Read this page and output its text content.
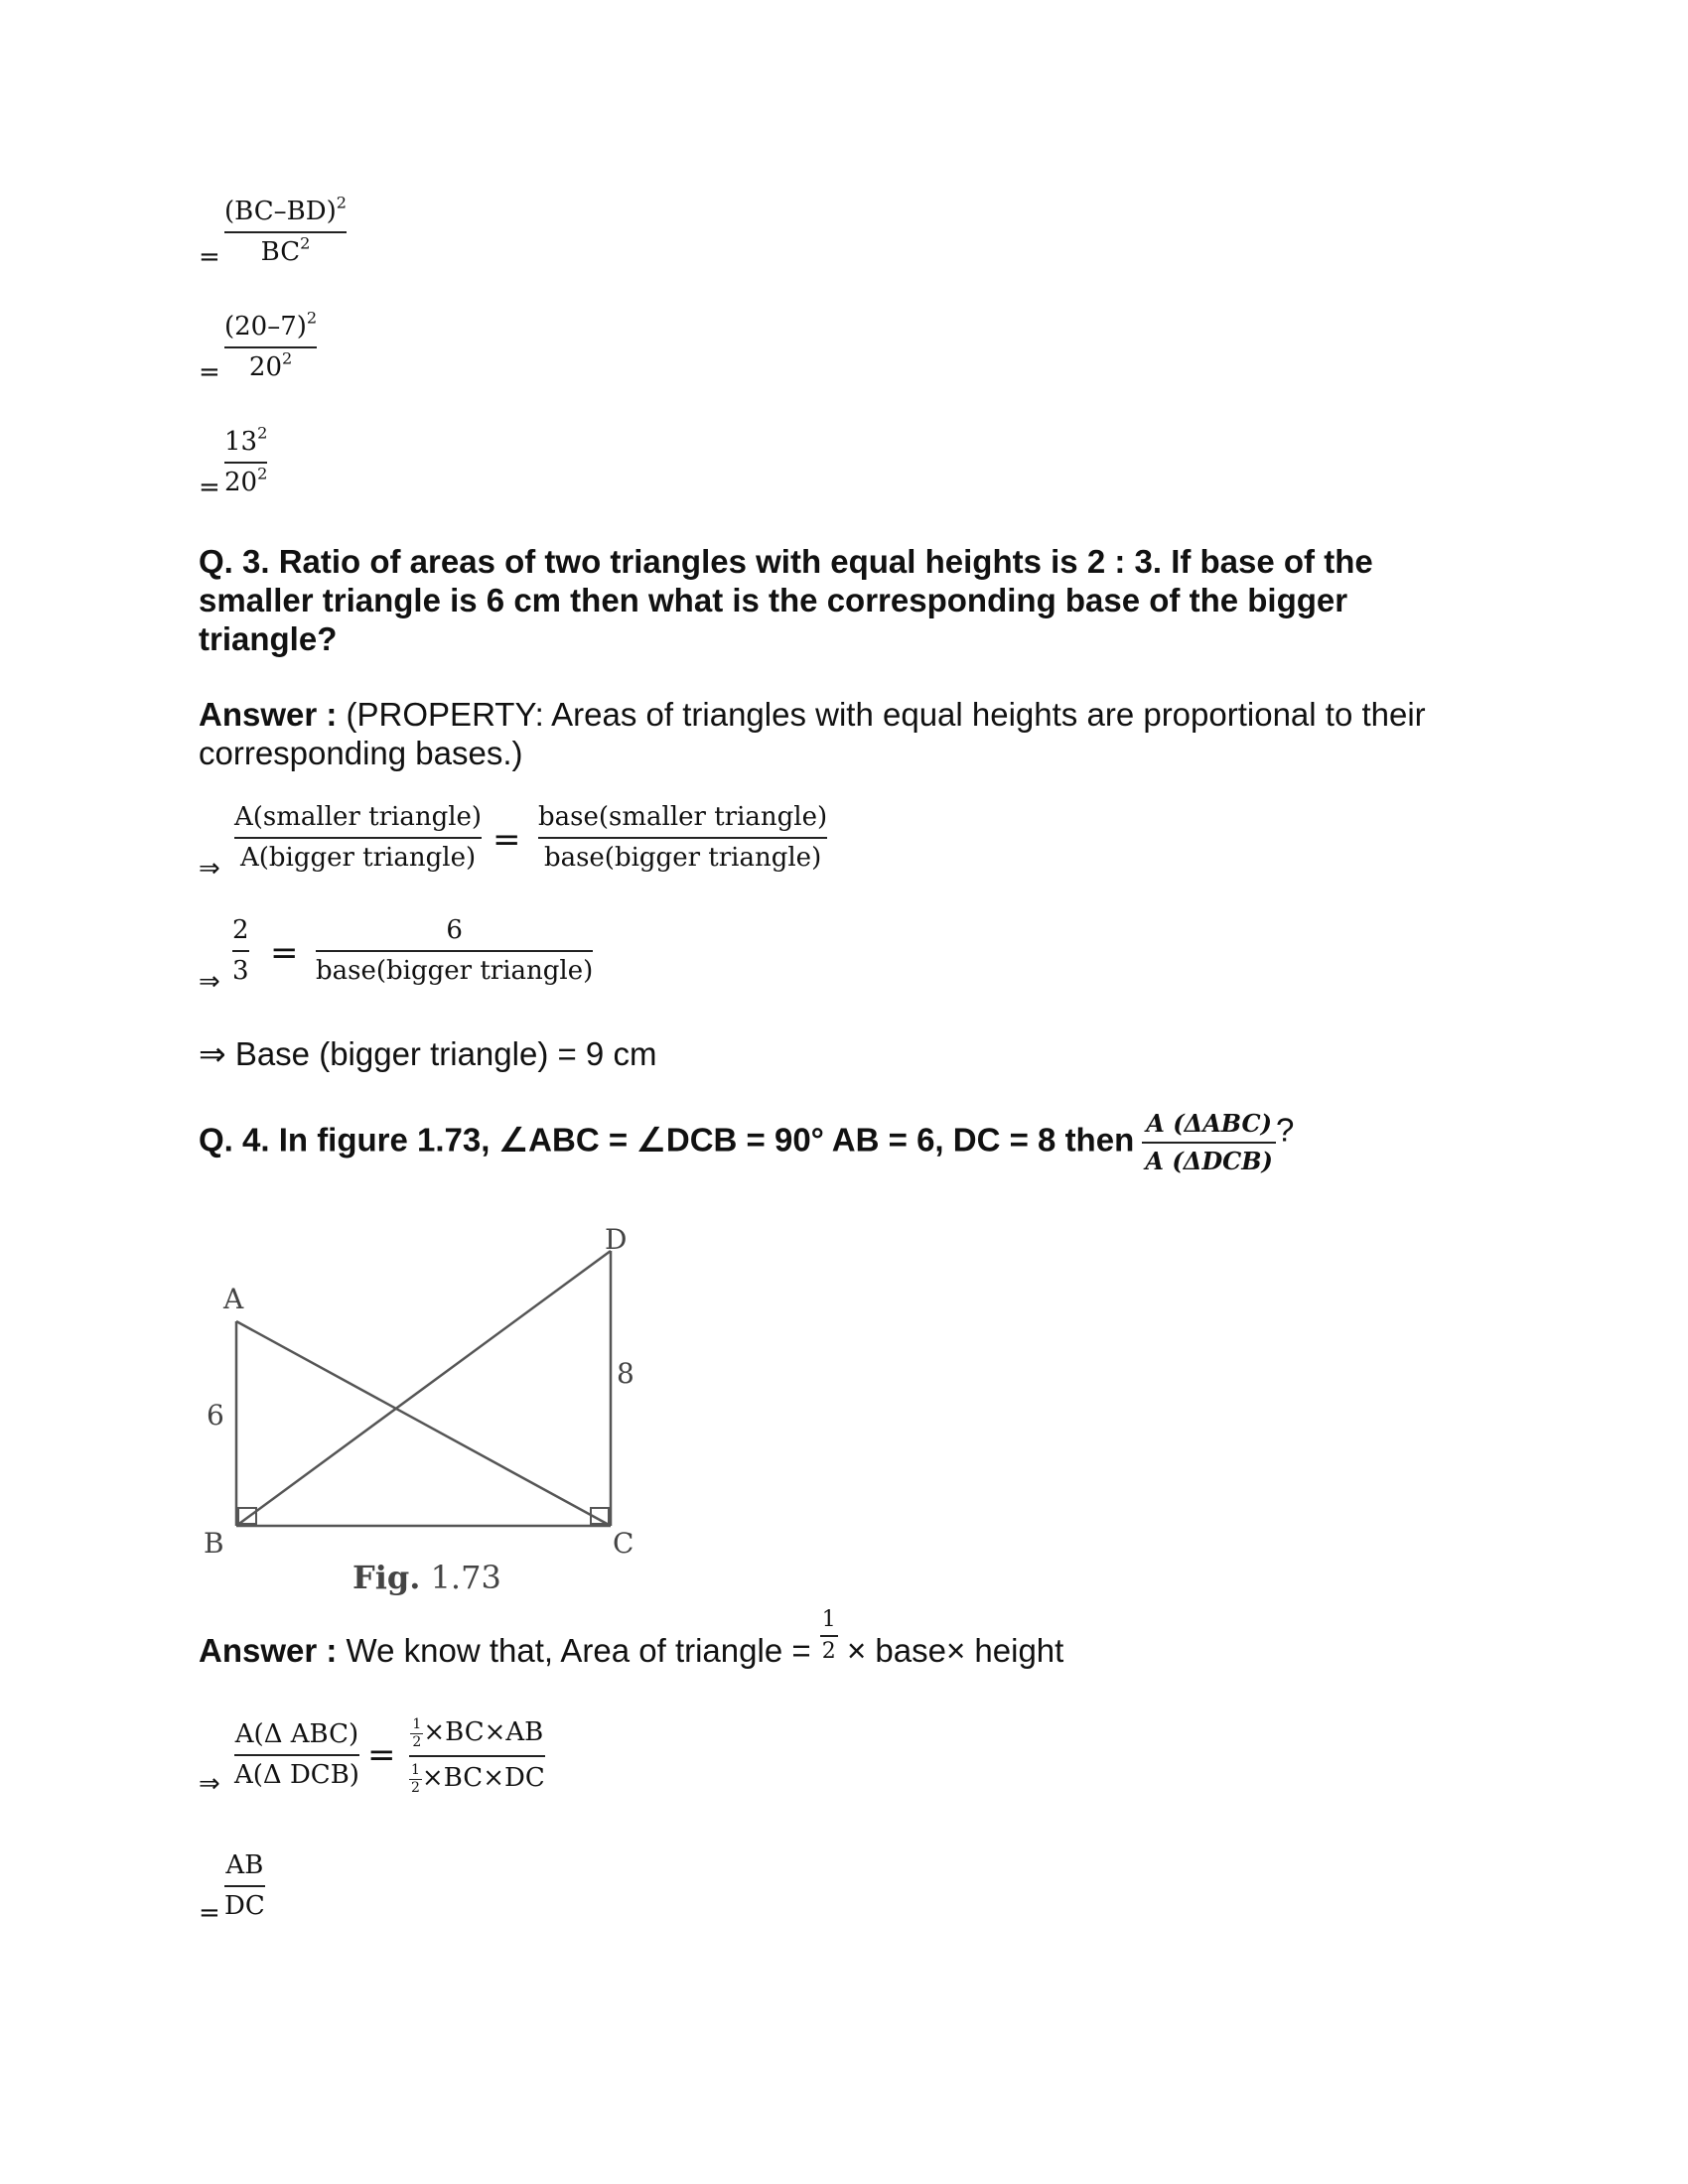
= $\frac{(BC-BD)^2}{BC^2}$
= $\frac{(20-7)^2}{20^2}$
= $\frac{13^2}{20^2}$
Q. 3. Ratio of areas of two triangles with equal heights is 2 : 3. If base of the smaller triangle is 6 cm then what is the corresponding base of the bigger triangle?
Answer : (PROPERTY: Areas of triangles with equal heights are proportional to their corresponding bases.)
⇒
A(smaller triangle)
A(bigger triangle) =
base(smaller triangle)
base(bigger triangle)
⇒ $\frac{2}{3}$ =
6
base(bigger triangle)
⇒ Base (bigger triangle) = 9 cm
Q. 4. In figure 1.73, ∠ABC = ∠DCB = 90° AB = 6, DC = 8 then $\frac{\text{A (ΔABC)}}{\text{A (ΔDCB)}}$ ?
A
B	C
D
6
8
Fig. 1.73
Answer : We know that, Area of triangle = $\frac{1}{2}$ × base× height
⇒
A(Δ ABC)
A(Δ DCB)
= $\frac{\frac{1}{2} \times BC\times AB}{\frac{1}{2} \times BC\times DC}$
= $\frac{AB}{DC}$
